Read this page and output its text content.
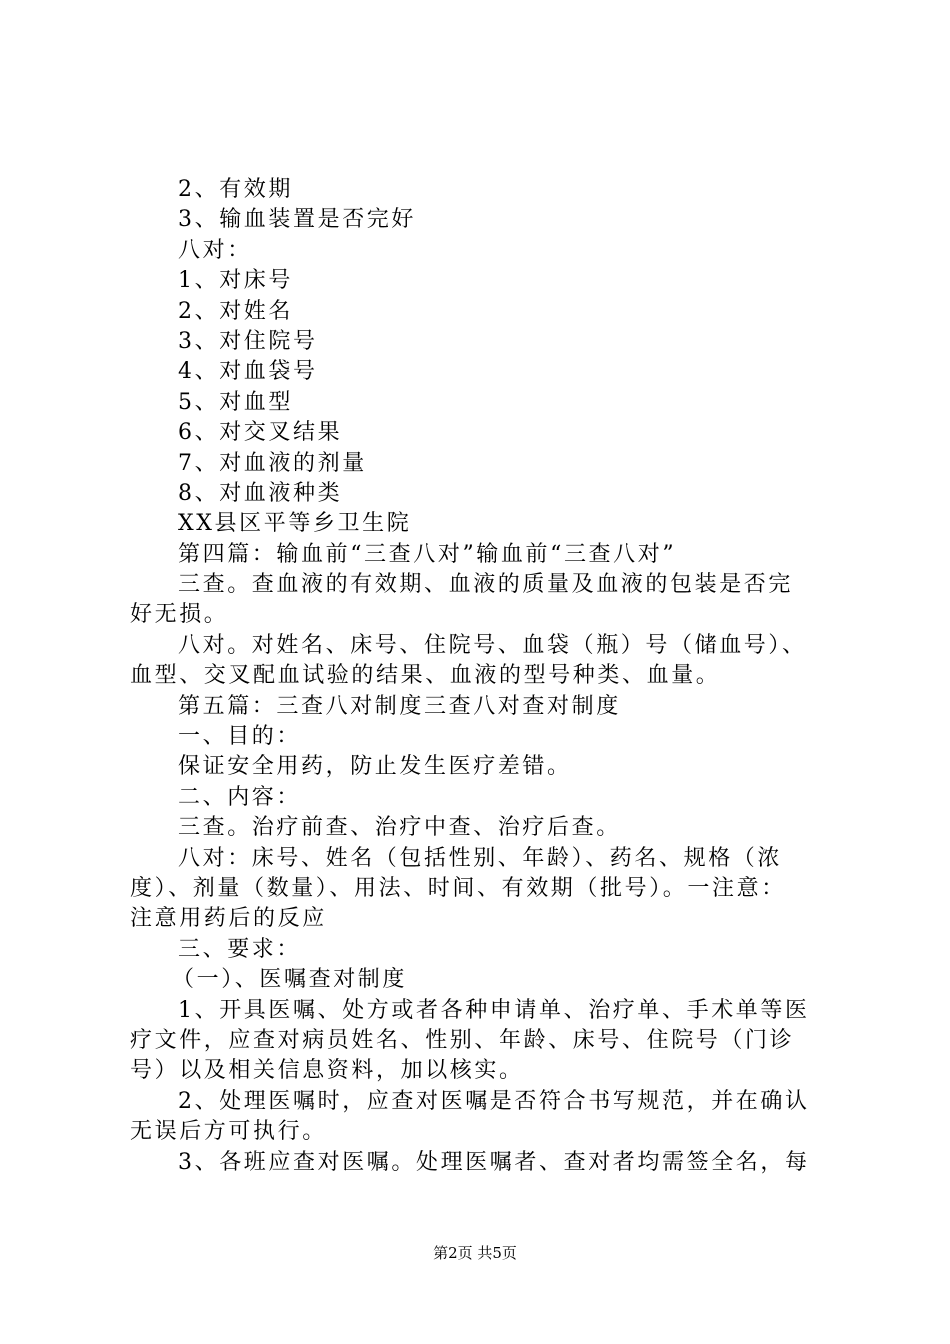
2、有效期
3、输血装置是否完好
八对：
1、对床号
2、对姓名
3、对住院号
4、对血袋号
5、对血型
6、对交叉结果
7、对血液的剂量
8、对血液种类
XX县区平等乡卫生院
第四篇：输血前“三查八对”输血前“三查八对”
三查。查血液的有效期、血液的质量及血液的包装是否完
好无损。
八对。对姓名、床号、住院号、血袋（瓶）号（储血号）、
血型、交叉配血试验的结果、血液的型号种类、血量。
第五篇：三查八对制度三查八对查对制度
一、目的：
保证安全用药，防止发生医疗差错。
二、内容：
三查。治疗前查、治疗中查、治疗后查。
八对：床号、姓名（包括性别、年龄）、药名、规格（浓
度）、剂量（数量）、用法、时间、有效期（批号）。一注意：
注意用药后的反应
三、要求：
（一）、医嘱查对制度
1、开具医嘱、处方或者各种申请单、治疗单、手术单等医
疗文件，应查对病员姓名、性别、年龄、床号、住院号（门诊
号）以及相关信息资料，加以核实。
2、处理医嘱时，应查对医嘱是否符合书写规范，并在确认
无误后方可执行。
3、各班应查对医嘱。处理医嘱者、查对者均需签全名，每
第2页 共5页
